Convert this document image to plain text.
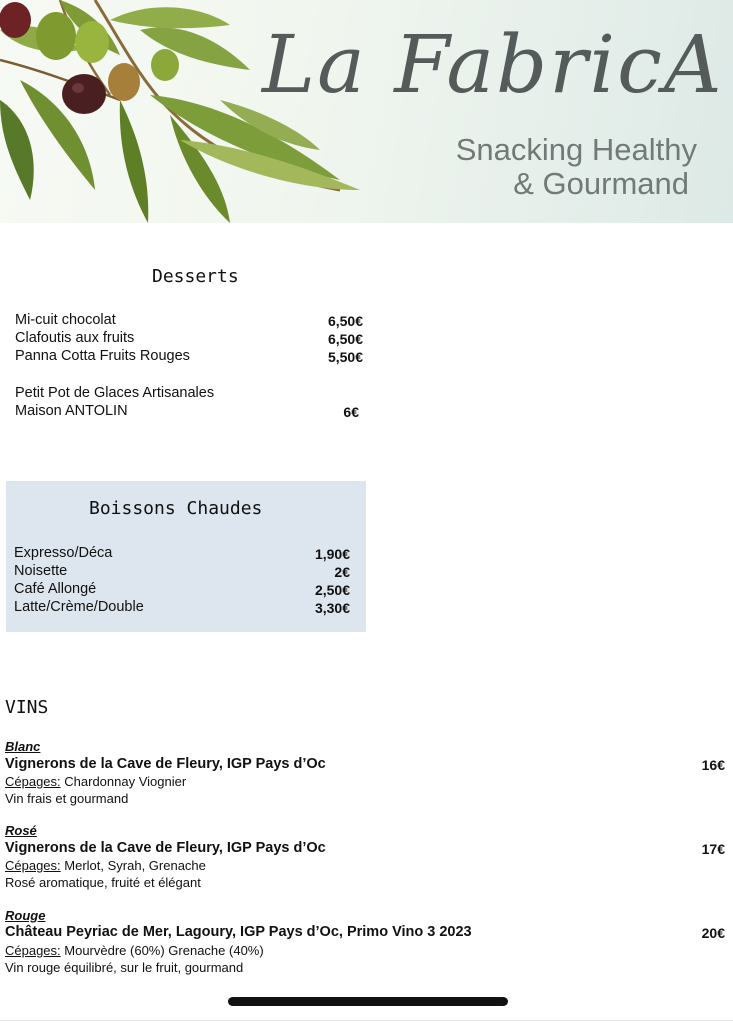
La FabricA
Snacking Healthy
& Gourmand
Desserts
Mi-cuit chocolat	6,50€
Clafoutis aux fruits	6,50€
Panna Cotta Fruits Rouges	5,50€
Petit Pot de Glaces Artisanales
Maison ANTOLIN	6€
Boissons Chaudes
Expresso/Déca	1,90€
Noisette	2€
Café Allongé	2,50€
Latte/Crème/Double	3,30€
VINS
Blanc
Vignerons de la Cave de Fleury, IGP Pays d’Oc	16€
Cépages: Chardonnay Viognier
Vin frais et gourmand
Rosé
Vignerons de la Cave de Fleury, IGP Pays d’Oc	17€
Cépages: Merlot, Syrah, Grenache
Rosé aromatique, fruité et élégant
Rouge
Château Peyriac de Mer, Lagoury, IGP Pays d’Oc, Primo Vino 3 2023	20€
Cépages: Mourvèdre (60%) Grenache (40%)
Vin rouge équilibré, sur le fruit, gourmand
